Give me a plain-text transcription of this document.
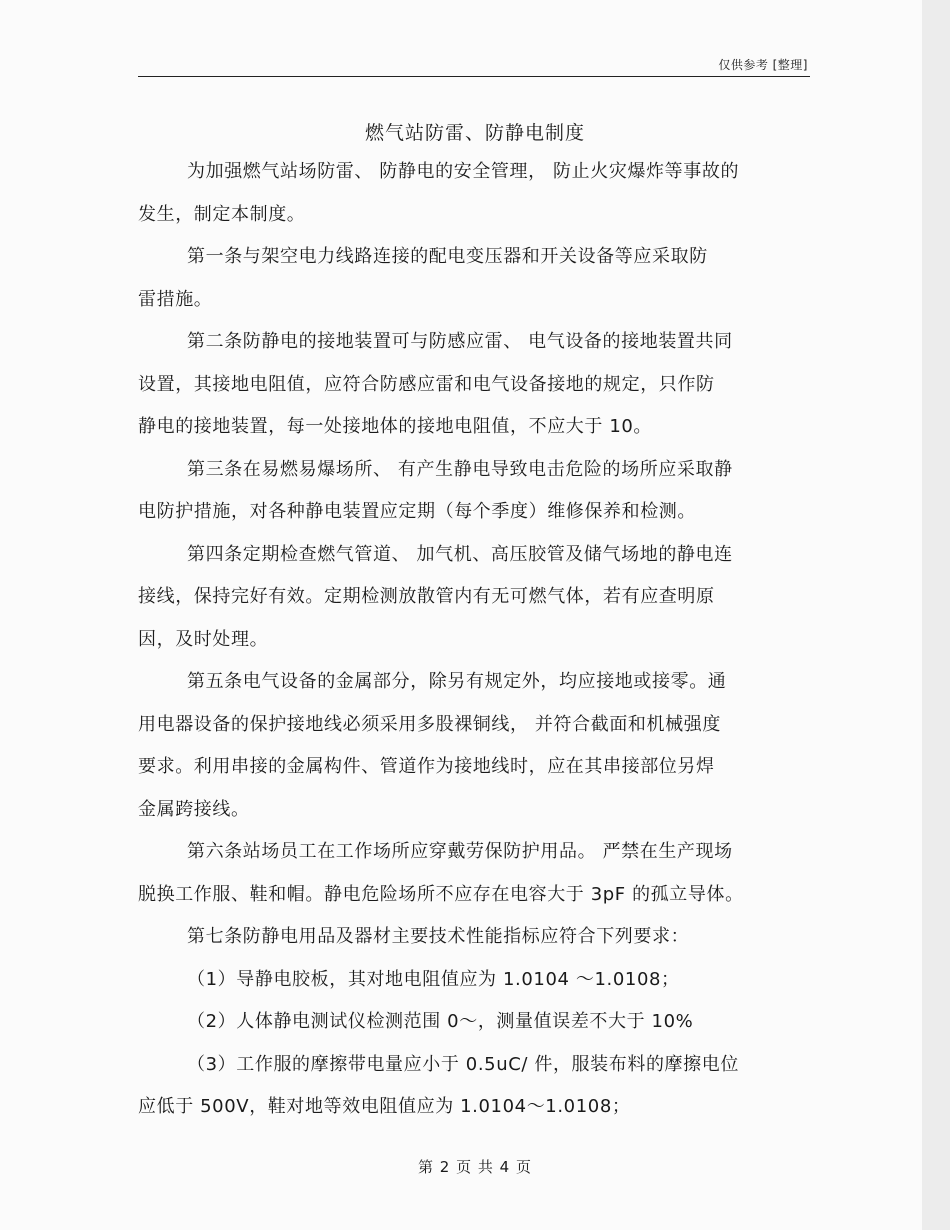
仅供参考 [整理]
燃气站防雷、防静电制度
为加强燃气站场防雷、 防静电的安全管理， 防止火灾爆炸等事故的
发生，制定本制度。
第一条与架空电力线路连接的配电变压器和开关设备等应采取防
雷措施。
第二条防静电的接地装置可与防感应雷、 电气设备的接地装置共同
设置，其接地电阻值，应符合防感应雷和电气设备接地的规定，只作防
静电的接地装置，每一处接地体的接地电阻值，不应大于 10。
第三条在易燃易爆场所、 有产生静电导致电击危险的场所应采取静
电防护措施，对各种静电装置应定期（每个季度）维修保养和检测。
第四条定期检查燃气管道、 加气机、高压胶管及储气场地的静电连
接线，保持完好有效。定期检测放散管内有无可燃气体，若有应查明原
因，及时处理。
第五条电气设备的金属部分，除另有规定外，均应接地或接零。通
用电器设备的保护接地线必须采用多股裸铜线， 并符合截面和机械强度
要求。利用串接的金属构件、管道作为接地线时，应在其串接部位另焊
金属跨接线。
第六条站场员工在工作场所应穿戴劳保防护用品。 严禁在生产现场
脱换工作服、鞋和帽。静电危险场所不应存在电容大于 3pF 的孤立导体。
第七条防静电用品及器材主要技术性能指标应符合下列要求：
（1）导静电胶板，其对地电阻值应为 1.0104 ～1.0108；
（2）人体静电测试仪检测范围 0～，测量值误差不大于 10%
（3）工作服的摩擦带电量应小于 0.5uC/ 件，服装布料的摩擦电位
应低于 500V，鞋对地等效电阻值应为 1.0104～1.0108；
第 2 页 共 4 页
